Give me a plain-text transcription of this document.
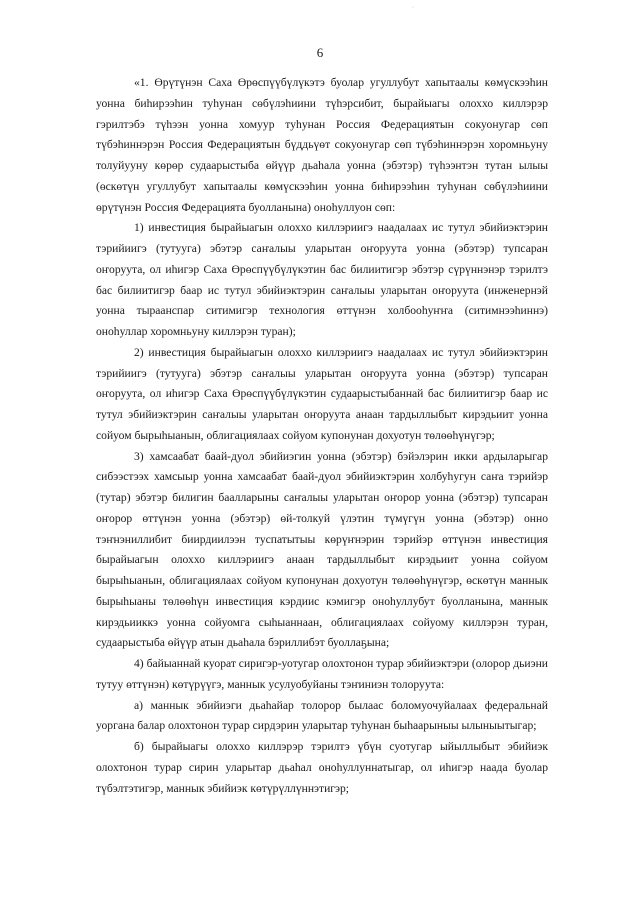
·
6

«1. Өрүтүнэн Саха Өрөспүүбүлүкэтэ буолар угуллубут хапытаалы көмүскээһин уонна биһирээһин туһунан сөбүлэһиини түһэрсибит, бырайыагы олоххо киллэрэр гэрилтэбэ түһээн уонна хомуур туһунан Россия Федерациятын сокуонугар сөп түбэһиннэрэн Россия Федерациятын бүддьүөт сокуонугар сөп түбэһиннэрэн хоромньуну толуйууну көрөр судаарыстыба өйүүр дьаһала уонна (эбэтэр) түһээнтэн тутан ылыы (өскөтүн угуллубут хапытаалы көмүскээһин уонна биһирээһин туһунан сөбүлэһиини өрүтүнэн Россия Федерациятa буолланына) оноһуллуон сөп:

1) инвестиция бырайыагын олоххо киллэриигэ наадалаах ис тутул эбийиэктэрин тэрийиигэ (тутууга) эбэтэр саҥалыы уларытан оҥоруута уонна (эбэтэр) тупсаран оҥоруута, ол иһигэр Саха Өрөспүүбүлүкэтин бас билиитигэр эбэтэр сүрүннэнэр тэрилтэ бас билиитигэр баар ис тутул эбийиэктэрин саҥалыы уларытан оҥоруута (инженернэй уонна тыраанспар ситимигэр технология өттүнэн холбооһуҥҥа (ситимнээһиннэ) оноһуллар хоромньуну киллэрэн туран);

2) инвестиция бырайыагын олоххо киллэриигэ наадалаах ис тутул эбийиэктэрин тэрийиигэ (тутууга) эбэтэр саҥалыы уларытан оҥоруута уонна (эбэтэр) тупсаран оҥоруута, ол иһигэр Саха Өрөспүүбүлүкэтин судаарыстыбаннай бас билиитигэр баар ис тутул эбийиэктэрин саҥалыы уларытан оҥоруута анаан тардыллыбыт кирэдьиит уонна сойуом бырыһыанын, облигациялаах сойуом купонунан дохуотун төлөөһүнүгэр;

3) хамсаабат баай-дуол эбийиэгин уонна (эбэтэр) бэйэлэрин икки ардыларыгар сибээстээх хамсыыр уонна хамсаабат баай-дуол эбийиэктэрин холбуһугун саҥа тэрийэр (тутар) эбэтэр билигин баалларыны саҥалыы уларытан оҥорор уонна (эбэтэр) тупсаран оҥорор өттүнэн уонна (эбэтэр) өй-толкуй үлэтин түмүгүн уонна (эбэтэр) онно тэҥнэниллибит биирдиилээн туспатытыы көрүҥнэрин тэрийэр өттүнэн инвестиция бырайыагын олоххо киллэриигэ анаан тардыллыбыт кирэдьиит уонна сойуом бырыһыанын, облигациялаах сойуом купонунан дохуотун төлөөһүнүгэр, өскөтүн маннык бырыһыаны төлөөһүн инвестиция кэрдиис кэмигэр оноһуллубут буолланына, маннык кирэдьииккэ уонна сойуомга сыһыаннаан, облигациялаах сойуому киллэрэн туран, судаарыстыба өйүүр атын дьаһала бэриллибэт буоллаҕына;

4) байыаннай куорат сиригэр-уотугар олохтонон турар эбийиэктэри (олорор дьиэни тутуу өттүнэн) көтүрүүгэ, маннык усулуобуйаны тэҥиниэн толоруута:

а) маннык эбийиэги дьаһайар толорор былаас боломуочуйалаах федеральнай уоргана балар олохтонон турар сирдэрин уларытар туһунан быһаарыныы ылыныытыгар;

б) бырайыагы олоххо киллэрэр тэрилтэ үбүн суотугар ыйыллыбыт эбийиэк олохтонон турар сирин уларытар дьаһал оноһуллуннатыгар, ол иһигэр наада буолар түбэлтэтигэр, маннык эбийиэк көтүрүллүннэтигэр;
